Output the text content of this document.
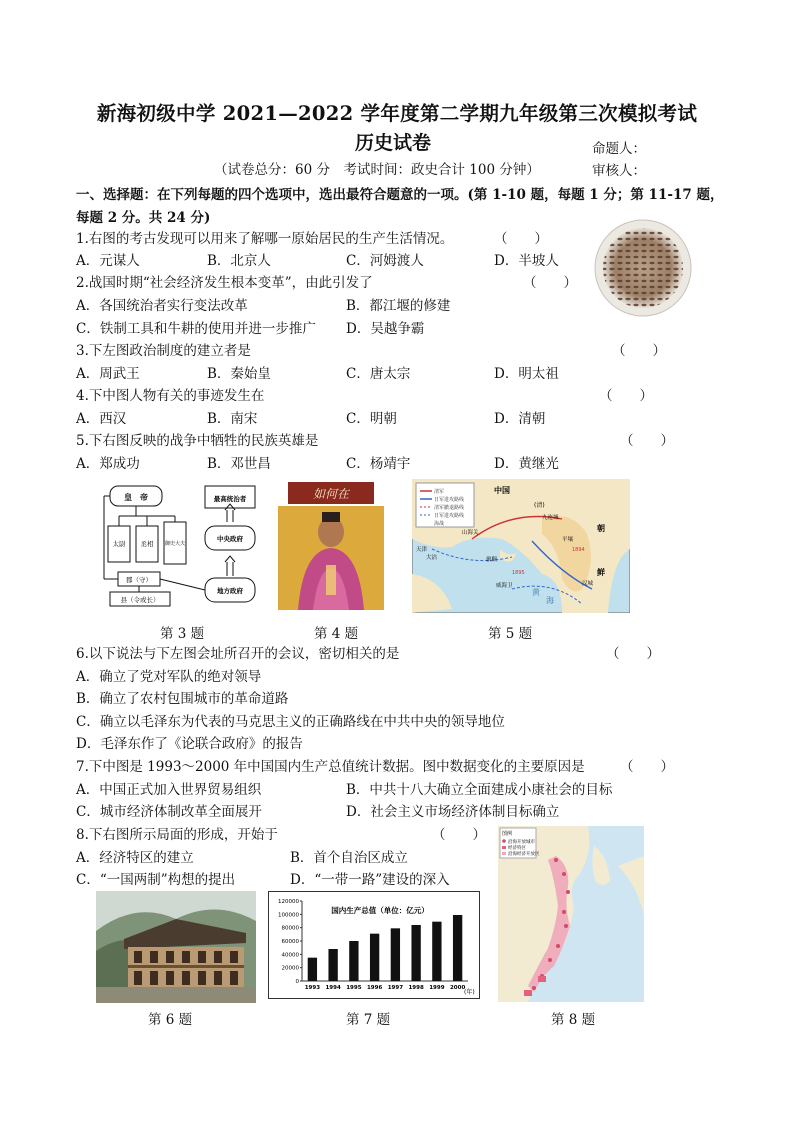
新海初级中学 2021—2022 学年度第二学期九年级第三次模拟考试
历史试卷	命题人：
审核人：
（试卷总分：60 分　考试时间：政史合计 100 分钟）
一、选择题：在下列每题的四个选项中，选出最符合题意的一项。(第 1-10 题，每题 1 分；第 11-17 题，每题 2 分。共 24 分)
1.右图的考古发现可以用来了解哪一原始居民的生产生活情况。	（　　）
A．元谋人	B．北京人	C．河姆渡人	D．半坡人
2.战国时期“社会经济发生根本变革”，由此引发了	（　　）
A．各国统治者实行变法改革	B．都江堰的修建
C．铁制工具和牛耕的使用并进一步推广 D．吴越争霸
3.下左图政治制度的建立者是	（　　）
A．周武王	B．秦始皇	C．唐太宗	D．明太祖
4.下中图人物有关的事迹发生在	（　　）
A．西汉	B．南宋	C．明朝	D．清朝
5.下右图反映的战争中牺牲的民族英雄是	（　　）
A．郑成功	B．邓世昌	C．杨靖宇	D．黄继光
皇　帝	最高统治者
太尉 丞相 御史大夫
中央政府
郡（守）
地方政府
县（令或长）
第 3 题
如何在
第 4 题
清军
日军进攻路线
清军撤退路线
日军进攻路线
海战
中国
(清)
朝
鲜
山海关
天津
大沽	旅顺
威海卫
平壤
九连城
汉城
1894
1895
黄
海
第 5 题
6.以下说法与下左图会址所召开的会议，密切相关的是	（　　）
A．确立了党对军队的绝对领导
B．确立了农村包围城市的革命道路
C．确立以毛泽东为代表的马克思主义的正确路线在中共中央的领导地位
D．毛泽东作了《论联合政府》的报告
7.下中图是 1993～2000 年中国国内生产总值统计数据。图中数据变化的主要原因是	（　　）
A．中国正式加入世界贸易组织	B．中共十八大确立全面建成小康社会的目标
C．城市经济体制改革全面展开	D．社会主义市场经济体制目标确立
8.下右图所示局面的形成，开始于	（　　）
A．经济特区的建立	B．首个自治区成立
C．“一国两制”构想的提出	D．“一带一路”建设的深入
第 6 题
国内生产总值（单位：亿元）
0
20000
40000
60000
80000
100000
120000
1993 1994 1995 1996 1997 1998 1999 2000
(年)
第 7 题
图例
沿海开放城市
经济特区
沿海经济开放区
第 8 题
